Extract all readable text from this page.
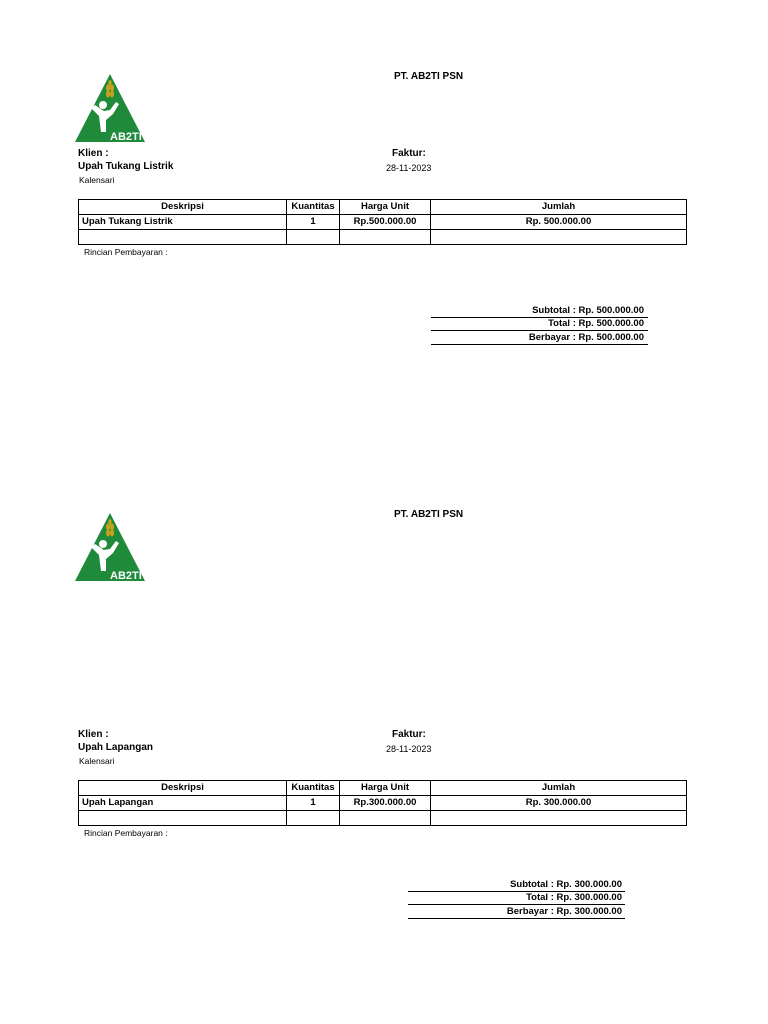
PT. AB2TI PSN
AB2TI
Klien :
Upah Tukang Listrik
Kalensari
Faktur:
28-11-2023
Deskripsi	Kuantitas	Harga Unit	Jumlah
Upah Tukang Listrik	1	Rp.500.000.00	Rp. 500.000.00

Rincian Pembayaran :
Subtotal : Rp. 500.000.00
Total : Rp. 500.000.00
Berbayar : Rp. 500.000.00
PT. AB2TI PSN
AB2TI
Klien :
Upah Lapangan
Kalensari
Faktur:
28-11-2023
Deskripsi	Kuantitas	Harga Unit	Jumlah
Upah Lapangan	1	Rp.300.000.00	Rp. 300.000.00

Rincian Pembayaran :
Subtotal : Rp. 300.000.00
Total : Rp. 300.000.00
Berbayar : Rp. 300.000.00
